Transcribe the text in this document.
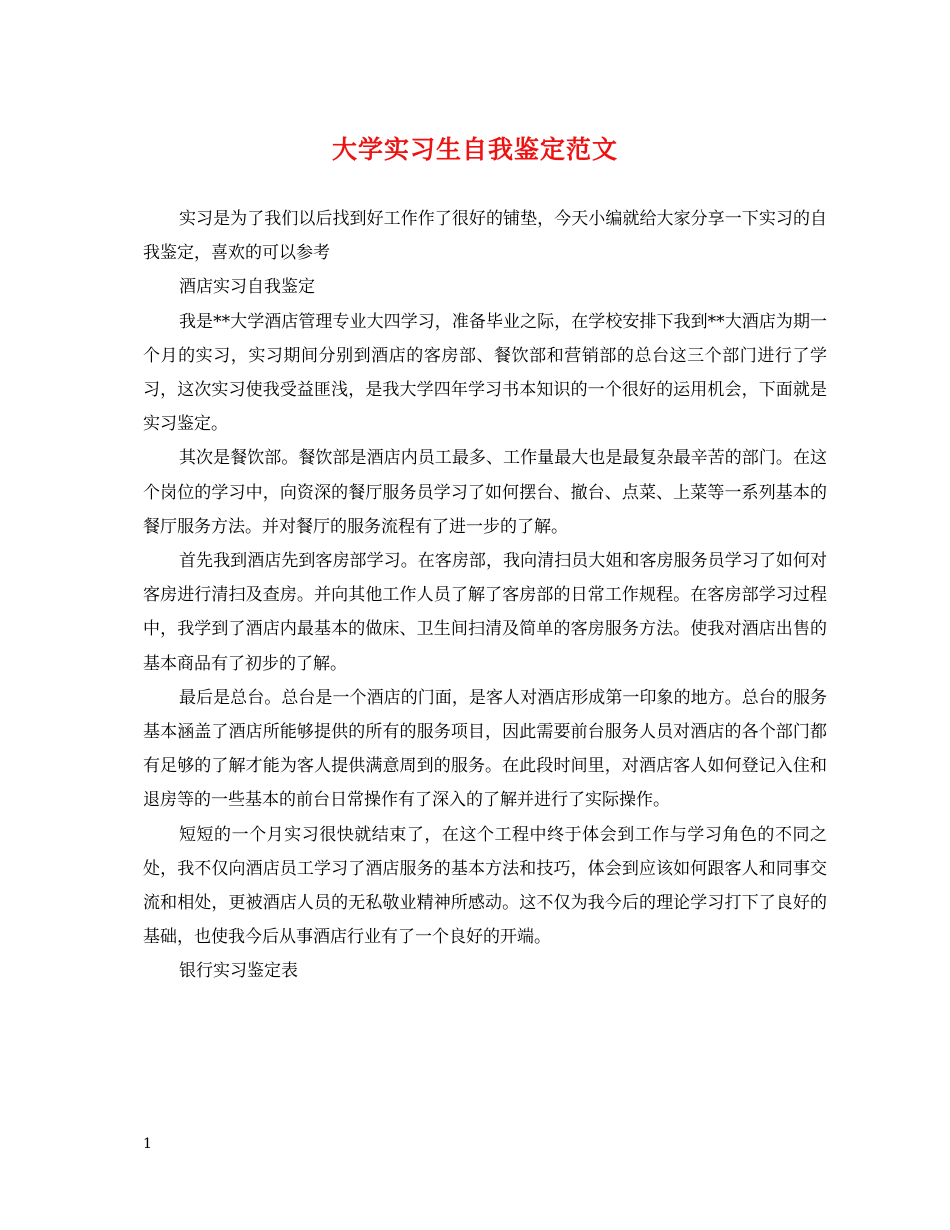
大学实习生自我鉴定范文

实习是为了我们以后找到好工作作了很好的铺垫，今天小编就给大家分享一下实习的自我鉴定，喜欢的可以参考

酒店实习自我鉴定

我是**大学酒店管理专业大四学习，准备毕业之际，在学校安排下我到**大酒店为期一个月的实习，实习期间分别到酒店的客房部、餐饮部和营销部的总台这三个部门进行了学习，这次实习使我受益匪浅，是我大学四年学习书本知识的一个很好的运用机会，下面就是实习鉴定。

其次是餐饮部。餐饮部是酒店内员工最多、工作量最大也是最复杂最辛苦的部门。在这个岗位的学习中，向资深的餐厅服务员学习了如何摆台、撤台、点菜、上菜等一系列基本的餐厅服务方法。并对餐厅的服务流程有了进一步的了解。

首先我到酒店先到客房部学习。在客房部，我向清扫员大姐和客房服务员学习了如何对客房进行清扫及查房。并向其他工作人员了解了客房部的日常工作规程。在客房部学习过程中，我学到了酒店内最基本的做床、卫生间扫清及简单的客房服务方法。使我对酒店出售的基本商品有了初步的了解。

最后是总台。总台是一个酒店的门面，是客人对酒店形成第一印象的地方。总台的服务基本涵盖了酒店所能够提供的所有的服务项目，因此需要前台服务人员对酒店的各个部门都有足够的了解才能为客人提供满意周到的服务。在此段时间里，对酒店客人如何登记入住和退房等的一些基本的前台日常操作有了深入的了解并进行了实际操作。

短短的一个月实习很快就结束了，在这个工程中终于体会到工作与学习角色的不同之处，我不仅向酒店员工学习了酒店服务的基本方法和技巧，体会到应该如何跟客人和同事交流和相处，更被酒店人员的无私敬业精神所感动。这不仅为我今后的理论学习打下了良好的基础，也使我今后从事酒店行业有了一个良好的开端。

银行实习鉴定表

1
